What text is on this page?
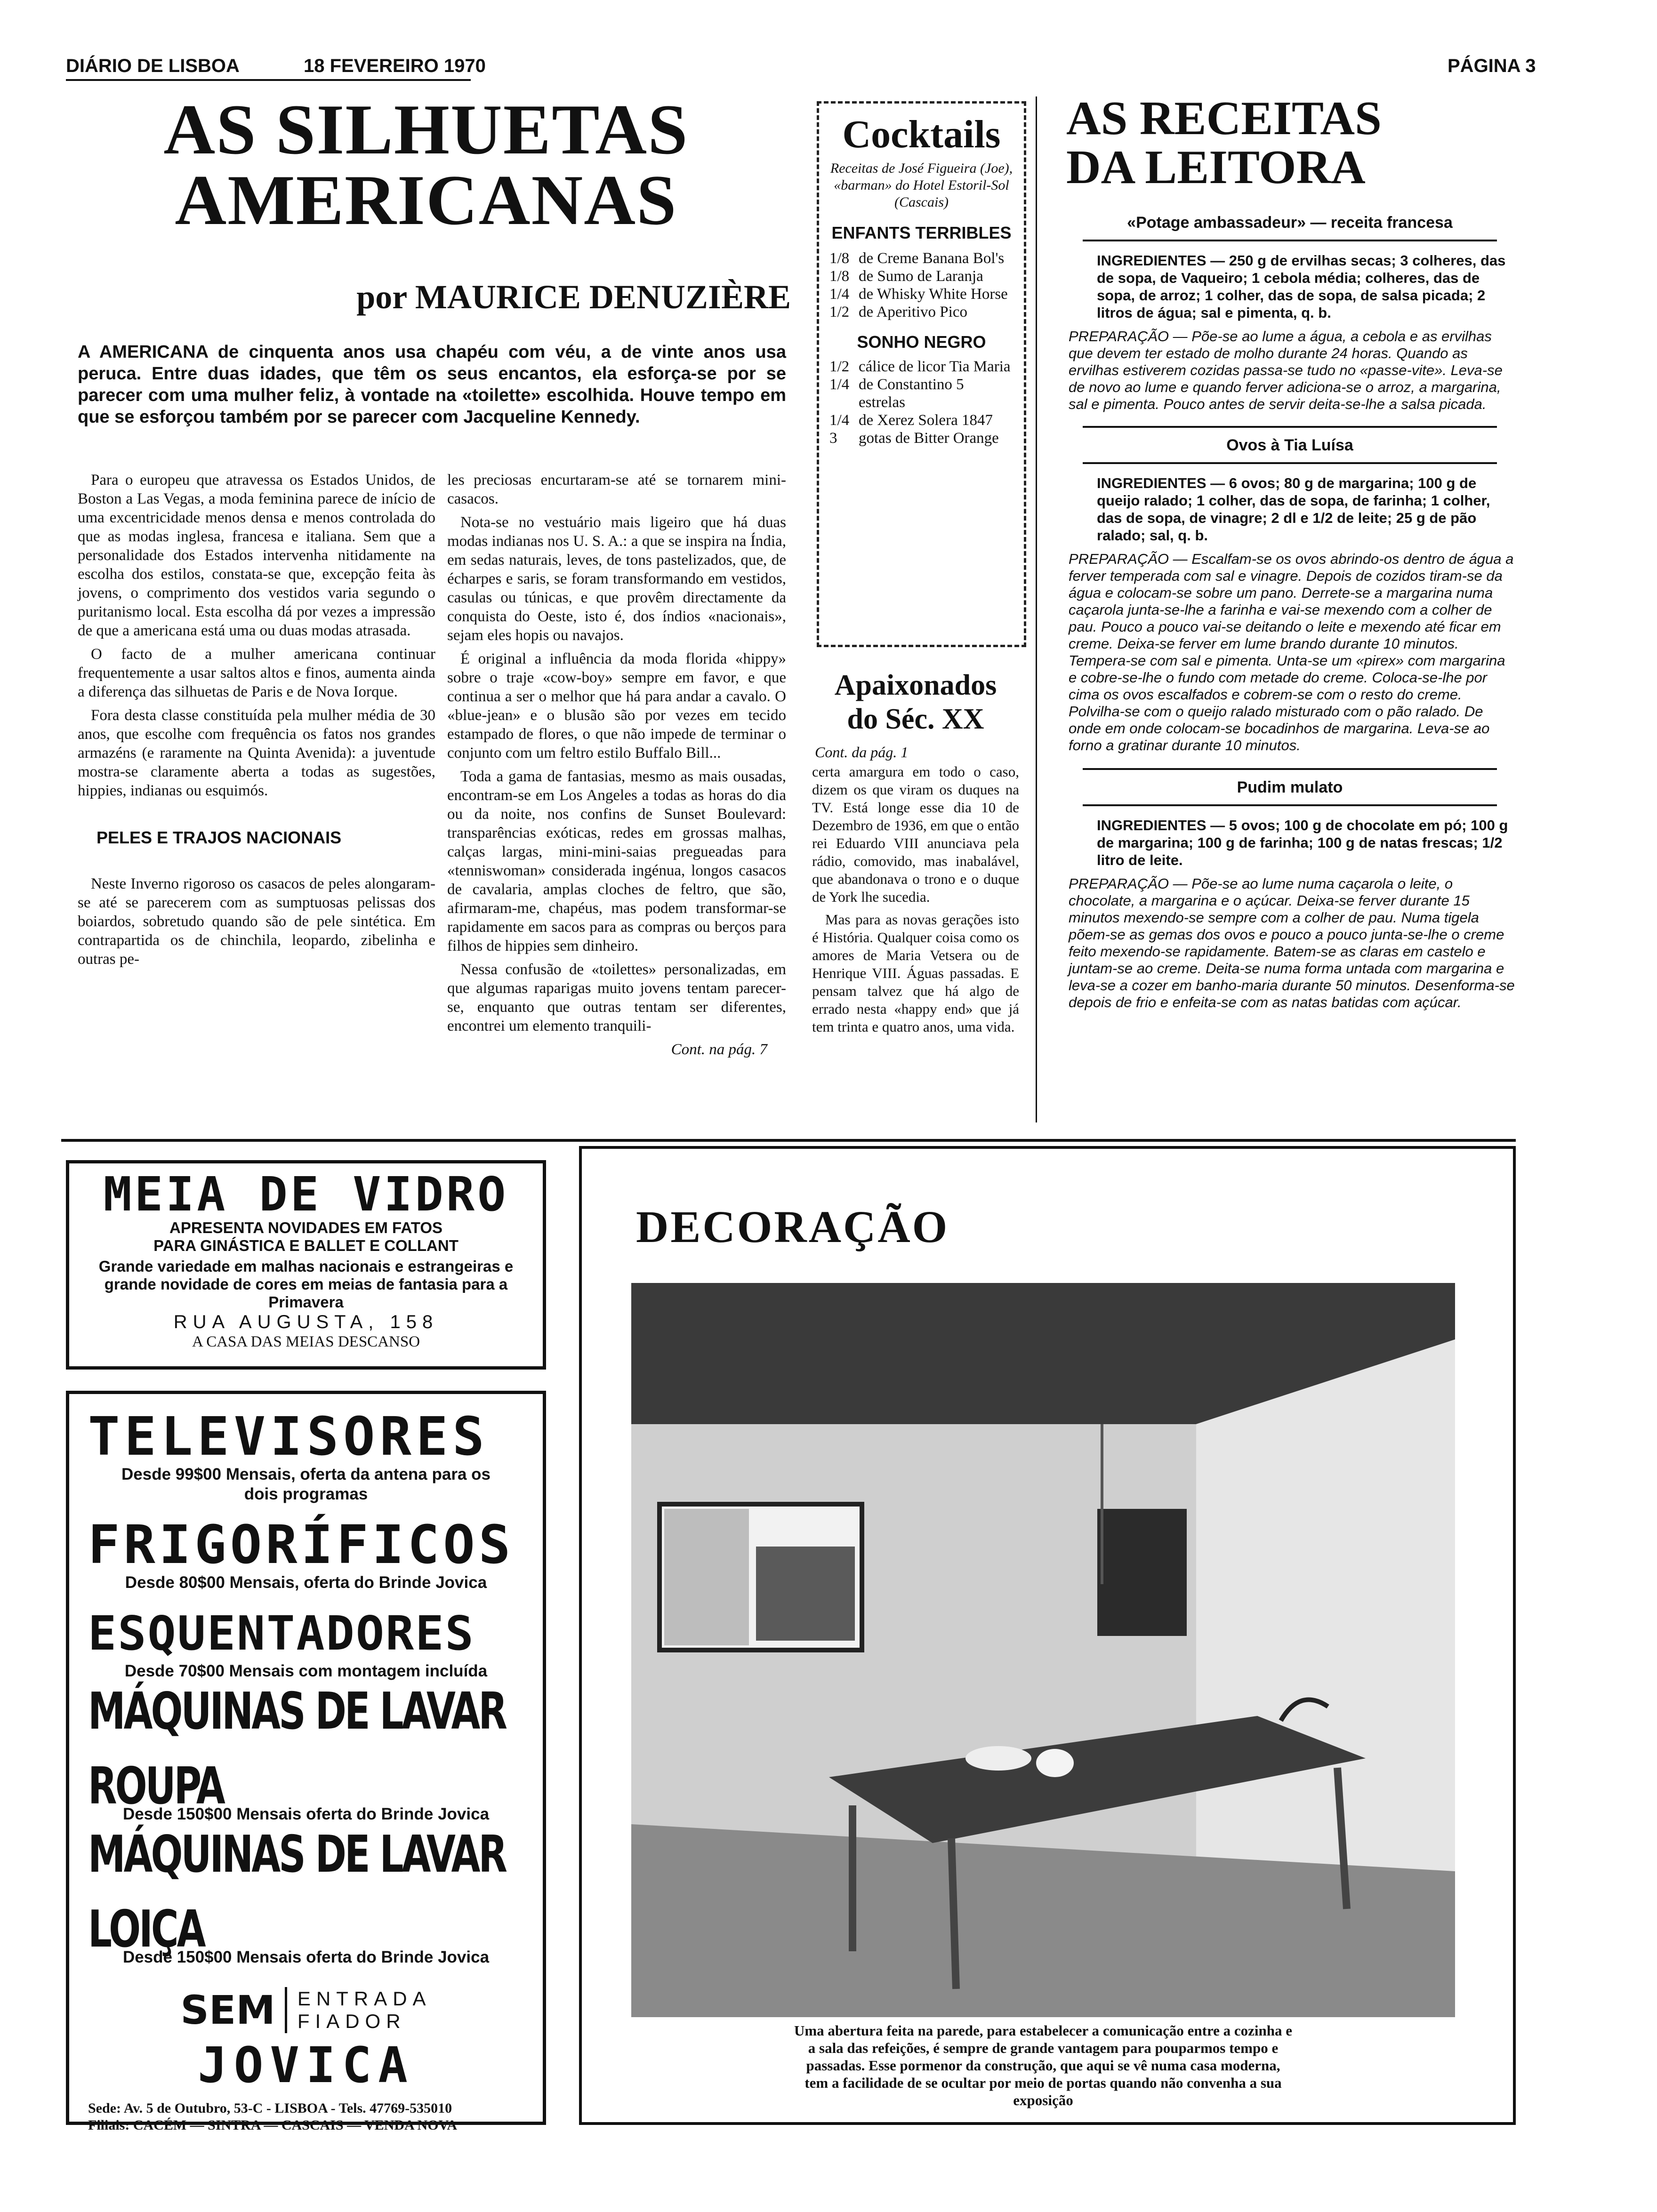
DIÁRIO DE LISBOA	18 FEVEREIRO 1970	PÁGINA 3
AS SILHUETAS
AMERICANAS
por MAURICE DENUZIÈRE
A AMERICANA de cinquenta anos usa chapéu com véu, a de vinte anos usa peruca. Entre duas idades, que têm os seus encantos, ela esforça-se por se parecer com uma mulher feliz, à vontade na «toilette» escolhida. Houve tempo em que se esforçou também por se parecer com Jacqueline Kennedy.

Para o europeu que atravessa os Estados Unidos, de Boston a Las Vegas, a moda feminina parece de início de uma excentricidade menos densa e menos controlada do que as modas inglesa, francesa e italiana. Sem que a personalidade dos Estados intervenha nitidamente na escolha dos estilos, constata-se que, excepção feita às jovens, o comprimento dos vestidos varia segundo o puritanismo local. Esta escolha dá por vezes a impressão de que a americana está uma ou duas modas atrasada.

O facto de a mulher americana continuar frequentemente a usar saltos altos e finos, aumenta ainda a diferença das silhuetas de Paris e de Nova Iorque.

Fora desta classe constituída pela mulher média de 30 anos, que escolhe com frequência os fatos nos grandes armazéns (e raramente na Quinta Avenida): a juventude mostra-se claramente aberta a todas as sugestões, hippies, indianas ou esquimós.

PELES E TRAJOS NACIONAIS

Neste Inverno rigoroso os casacos de peles alongaram-se até se parecerem com as sumptuosas pelissas dos boiardos, sobretudo quando são de pele sintética. Em contrapartida os de chinchila, leopardo, zibelinha e outras pe-

les preciosas encurtaram-se até se tornarem mini-casacos.

Nota-se no vestuário mais ligeiro que há duas modas indianas nos U. S. A.: a que se inspira na Índia, em sedas naturais, leves, de tons pastelizados, que, de écharpes e saris, se foram transformando em vestidos, casulas ou túnicas, e que provêm directamente da conquista do Oeste, isto é, dos índios «nacionais», sejam eles hopis ou navajos.

É original a influência da moda florida «hippy» sobre o traje «cow-boy» sempre em favor, e que continua a ser o melhor que há para andar a cavalo. O «blue-jean» e o blusão são por vezes em tecido estampado de flores, o que não impede de terminar o conjunto com um feltro estilo Buffalo Bill...

Toda a gama de fantasias, mesmo as mais ousadas, encontram-se em Los Angeles a todas as horas do dia ou da noite, nos confins de Sunset Boulevard: transparências exóticas, redes em grossas malhas, calças largas, mini-mini-saias pregueadas para «tenniswoman» considerada ingénua, longos casacos de cavalaria, amplas cloches de feltro, que são, afirmaram-me, chapéus, mas podem transformar-se rapidamente em sacos para as compras ou berços para filhos de hippies sem dinheiro.

Nessa confusão de «toilettes» personalizadas, em que algumas raparigas muito jovens tentam parecer-se, enquanto que outras tentam ser diferentes, encontrei um elemento tranquili-

Cont. na pág. 7
Cocktails
Receitas de José Figueira (Joe), «barman» do Hotel Estoril-Sol (Cascais)
ENFANTS TERRIBLES
1/8 de Creme Banana Bol's
1/8 de Sumo de Laranja
1/4 de Whisky White Horse
1/2 de Aperitivo Pico
SONHO NEGRO
1/2 cálice de licor Tia Maria
1/4 de Constantino 5 estrelas
1/4 de Xerez Solera 1847
3	gotas de Bitter Orange
Apaixonados
do Séc. XX
Cont. da pág. 1

certa amargura em todo o caso, dizem os que viram os duques na TV. Está longe esse dia 10 de Dezembro de 1936, em que o então rei Eduardo VIII anunciava pela rádio, comovido, mas inabalável, que abandonava o trono e o duque de York lhe sucedia.

Mas para as novas gerações isto é História. Qualquer coisa como os amores de Maria Vetsera ou de Henrique VIII. Águas passadas. E pensam talvez que há algo de errado nesta «happy end» que já tem trinta e quatro anos, uma vida.

AS RECEITAS
DA LEITORA
«Potage ambassadeur» — receita francesa
INGREDIENTES — 250 g de ervilhas secas; 3 colheres, das de sopa, de Vaqueiro; 1 cebola média; colheres, das de sopa, de arroz; 1 colher, das de sopa, de salsa picada; 2 litros de água; sal e pimenta, q. b.
PREPARAÇÃO — Põe-se ao lume a água, a cebola e as ervilhas que devem ter estado de molho durante 24 horas. Quando as ervilhas estiverem cozidas passa-se tudo no «passe-vite». Leva-se de novo ao lume e quando ferver adiciona-se o arroz, a margarina, sal e pimenta. Pouco antes de servir deita-se-lhe a salsa picada.
Ovos à Tia Luísa
INGREDIENTES — 6 ovos; 80 g de margarina; 100 g de queijo ralado; 1 colher, das de sopa, de farinha; 1 colher, das de sopa, de vinagre; 2 dl e 1/2 de leite; 25 g de pão ralado; sal, q. b.
PREPARAÇÃO — Escalfam-se os ovos abrindo-os dentro de água a ferver temperada com sal e vinagre. Depois de cozidos tiram-se da água e colocam-se sobre um pano. Derrete-se a margarina numa caçarola junta-se-lhe a farinha e vai-se mexendo com a colher de pau. Pouco a pouco vai-se deitando o leite e mexendo até ficar em creme. Deixa-se ferver em lume brando durante 10 minutos. Tempera-se com sal e pimenta. Unta-se um «pirex» com margarina e cobre-se-lhe o fundo com metade do creme. Coloca-se-lhe por cima os ovos escalfados e cobrem-se com o resto do creme. Polvilha-se com o queijo ralado misturado com o pão ralado. De onde em onde colocam-se bocadinhos de margarina. Leva-se ao forno a gratinar durante 10 minutos.
Pudim mulato
INGREDIENTES — 5 ovos; 100 g de chocolate em pó; 100 g de margarina; 100 g de farinha; 100 g de natas frescas; 1/2 litro de leite.
PREPARAÇÃO — Põe-se ao lume numa caçarola o leite, o chocolate, a margarina e o açúcar. Deixa-se ferver durante 15 minutos mexendo-se sempre com a colher de pau. Numa tigela põem-se as gemas dos ovos e pouco a pouco junta-se-lhe o creme feito mexendo-se rapidamente. Batem-se as claras em castelo e juntam-se ao creme. Deita-se numa forma untada com margarina e leva-se a cozer em banho-maria durante 50 minutos. Desenforma-se depois de frio e enfeita-se com as natas batidas com açúcar.
MEIA DE VIDRO
APRESENTA NOVIDADES EM FATOS
PARA GINÁSTICA E BALLET E COLLANT
Grande variedade em malhas nacionais e estrangeiras e grande novidade de cores em meias de fantasia para a Primavera
RUA AUGUSTA, 158
A CASA DAS MEIAS DESCANSO
TELEVISORES
Desde 99$00 Mensais, oferta da antena para os dois programas
FRIGORÍFICOS
Desde 80$00 Mensais, oferta do Brinde Jovica
ESQUENTADORES
Desde 70$00 Mensais com montagem incluída
MÁQUINAS DE LAVAR ROUPA
Desde 150$00 Mensais oferta do Brinde Jovica
MÁQUINAS DE LAVAR LOIÇA
Desde 150$00 Mensais oferta do Brinde Jovica
SEM	ENTRADA
FIADOR
JOVICA
Sede: Av. 5 de Outubro, 53-C - LISBOA - Tels. 47769-535010
Filiais: CACÉM — SINTRA — CASCAIS — VENDA NOVA
DECORAÇÃO
Uma abertura feita na parede, para estabelecer a comunicação entre a cozinha e a sala das refeições, é sempre de grande vantagem para pouparmos tempo e passadas. Esse pormenor da construção, que aqui se vê numa casa moderna, tem a facilidade de se ocultar por meio de portas quando não convenha a sua exposição
